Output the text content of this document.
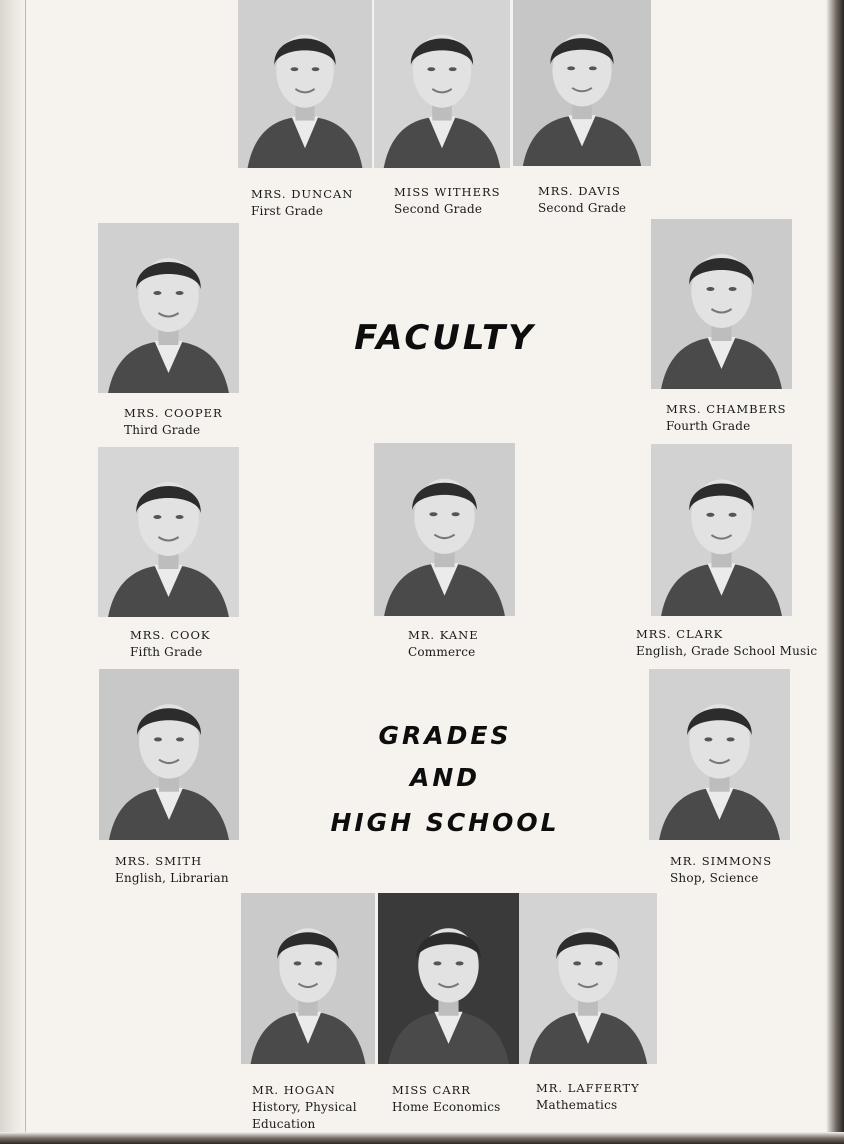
FACULTY
GRADES
AND
HIGH SCHOOL
MRS. DUNCAN
First Grade
MISS WITHERS
Second Grade
MRS. DAVIS
Second Grade
MRS. COOPER
Third Grade
MRS. CHAMBERS
Fourth Grade
MRS. COOK
Fifth Grade
MR. KANE
Commerce
MRS. CLARK
English, Grade School Music
MRS. SMITH
English, Librarian
MR. SIMMONS
Shop, Science
MR. HOGAN
History, Physical
Education
MISS CARR
Home Economics
MR. LAFFERTY
Mathematics
